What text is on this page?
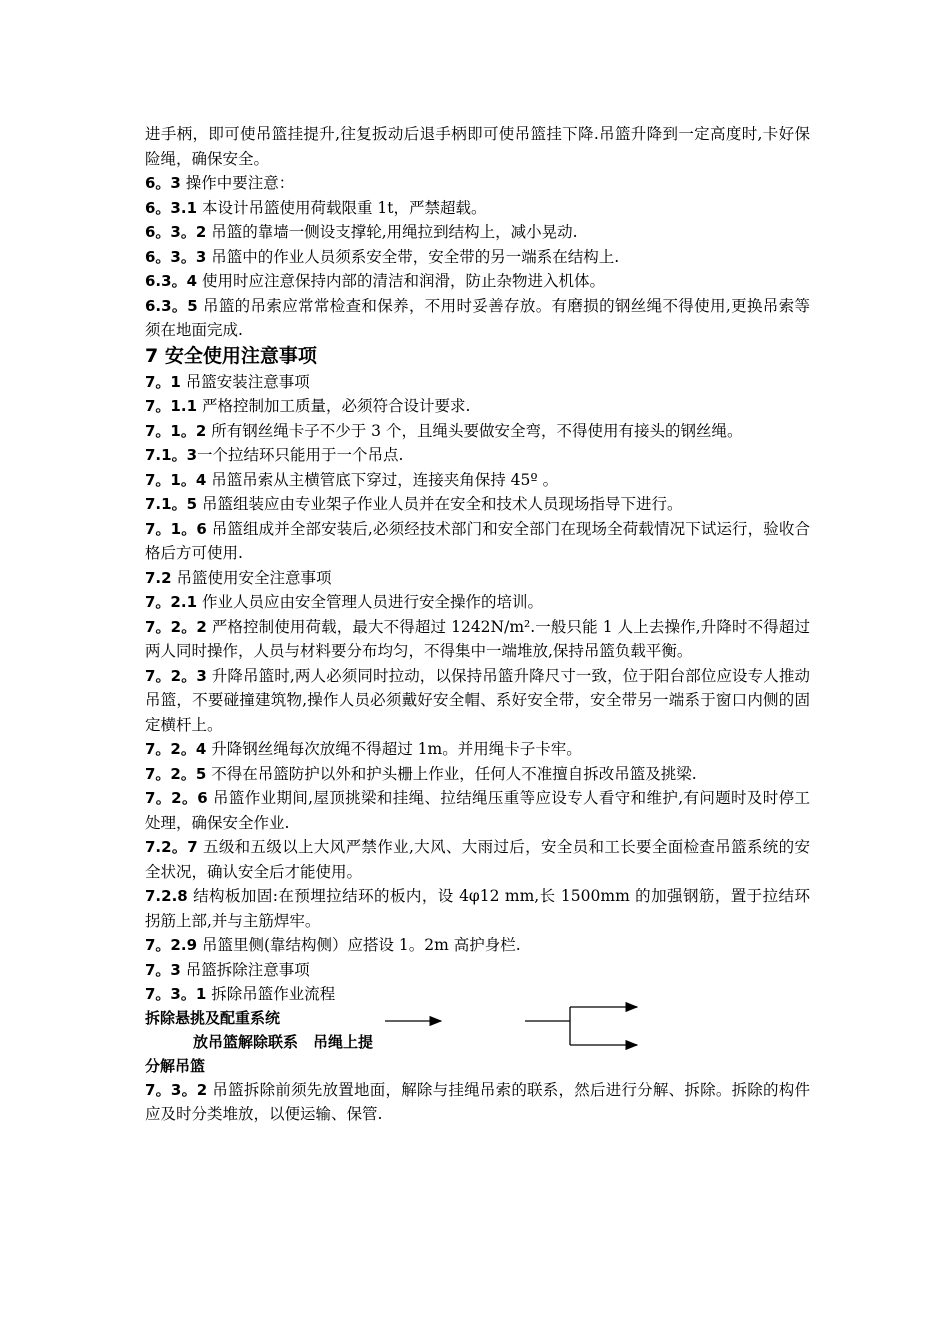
进手柄，即可使吊篮挂提升,往复扳动后退手柄即可使吊篮挂下降.吊篮升降到一定高度时,卡好保险绳，确保安全。

6。3 操作中要注意：

6。3.1 本设计吊篮使用荷载限重 1t，严禁超载。

6。3。2 吊篮的靠墙一侧设支撑轮,用绳拉到结构上，减小晃动.

6。3。3 吊篮中的作业人员须系安全带，安全带的另一端系在结构上.

6.3。4 使用时应注意保持内部的清洁和润滑，防止杂物进入机体。

6.3。5 吊篮的吊索应常常检查和保养，不用时妥善存放。有磨损的钢丝绳不得使用,更换吊索等须在地面完成.

7 安全使用注意事项

7。1 吊篮安装注意事项

7。1.1 严格控制加工质量，必须符合设计要求.

7。1。2 所有钢丝绳卡子不少于 3 个，且绳头要做安全弯，不得使用有接头的钢丝绳。

7.1。3一个拉结环只能用于一个吊点.

7。1。4 吊篮吊索从主横管底下穿过，连接夹角保持 45º 。

7.1。5 吊篮组装应由专业架子作业人员并在安全和技术人员现场指导下进行。

7。1。6 吊篮组成并全部安装后,必须经技术部门和安全部门在现场全荷载情况下试运行，验收合格后方可使用.

7.2 吊篮使用安全注意事项

7。2.1 作业人员应由安全管理人员进行安全操作的培训。

7。2。2 严格控制使用荷载，最大不得超过 1242N/m².一般只能 1 人上去操作,升降时不得超过两人同时操作，人员与材料要分布均匀，不得集中一端堆放,保持吊篮负载平衡。

7。2。3 升降吊篮时,两人必须同时拉动，以保持吊篮升降尺寸一致，位于阳台部位应设专人推动吊篮，不要碰撞建筑物,操作人员必须戴好安全帽、系好安全带，安全带另一端系于窗口内侧的固定横杆上。

7。2。4 升降钢丝绳每次放绳不得超过 1m。并用绳卡子卡牢。

7。2。5 不得在吊篮防护以外和护头栅上作业，任何人不准擅自拆改吊篮及挑梁.

7。2。6 吊篮作业期间,屋顶挑梁和挂绳、拉结绳压重等应设专人看守和维护,有问题时及时停工处理，确保安全作业.

7.2。7 五级和五级以上大风严禁作业,大风、大雨过后，安全员和工长要全面检查吊篮系统的安全状况，确认安全后才能使用。

7.2.8 结构板加固:在预埋拉结环的板内，设 4φ12 mm,长 1500mm 的加强钢筋，置于拉结环拐筋上部,并与主筋焊牢。

7。2.9 吊篮里侧(靠结构侧）应搭设 1。2m 高护身栏.

7。3 吊篮拆除注意事项

7。3。1 拆除吊篮作业流程

拆除悬挑及配重系统

放吊篮解除联系　吊绳上提

分解吊篮

7。3。2 吊篮拆除前须先放置地面，解除与挂绳吊索的联系，然后进行分解、拆除。拆除的构件应及时分类堆放，以便运输、保管.
